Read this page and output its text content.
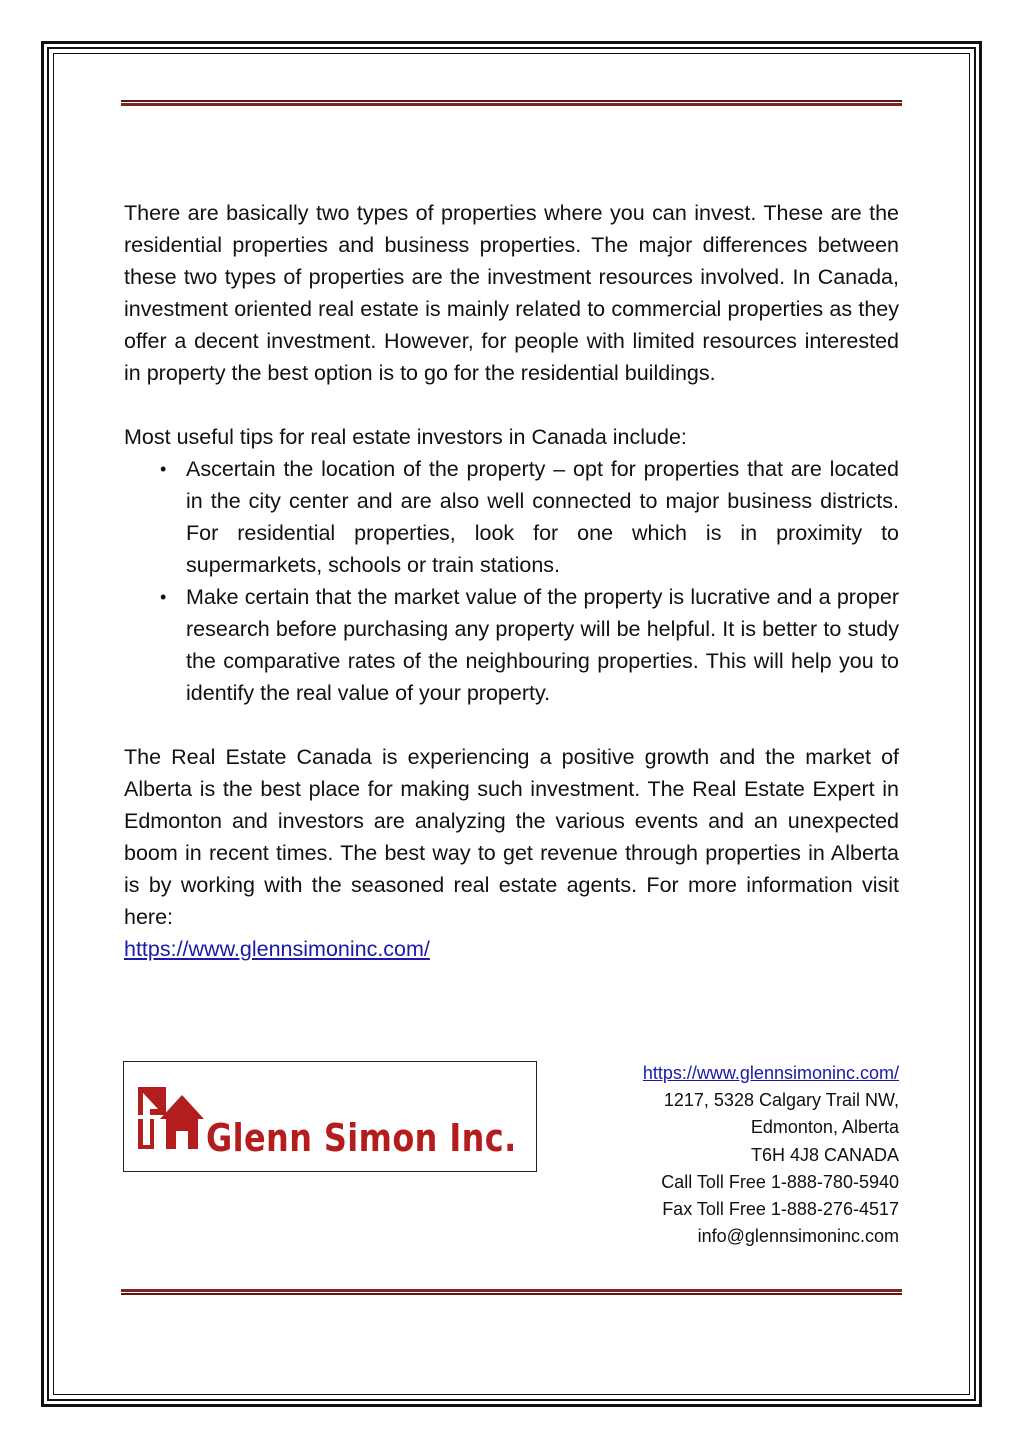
There are basically two types of properties where you can invest. These are the residential properties and business properties. The major differences between these two types of properties are the investment resources involved. In Canada, investment oriented real estate is mainly related to commercial properties as they offer a decent investment. However, for people with limited resources interested in property the best option is to go for the residential buildings.

Most useful tips for real estate investors in Canada include:

• Ascertain the location of the property – opt for properties that are located in the city center and are also well connected to major business districts. For residential properties, look for one which is in proximity to supermarkets, schools or train stations.
• Make certain that the market value of the property is lucrative and a proper research before purchasing any property will be helpful. It is better to study the comparative rates of the neighbouring properties. This will help you to identify the real value of your property.

The Real Estate Canada is experiencing a positive growth and the market of Alberta is the best place for making such investment. The Real Estate Expert in Edmonton and investors are analyzing the various events and an unexpected boom in recent times. The best way to get revenue through properties in Alberta is by working with the seasoned real estate agents. For more information visit here:

https://www.glennsimoninc.com/

Glenn Simon Inc.
https://www.glennsimoninc.com/
1217, 5328 Calgary Trail NW,
Edmonton, Alberta
T6H 4J8 CANADA
Call Toll Free 1-888-780-5940
Fax Toll Free 1-888-276-4517
info@glennsimoninc.com
